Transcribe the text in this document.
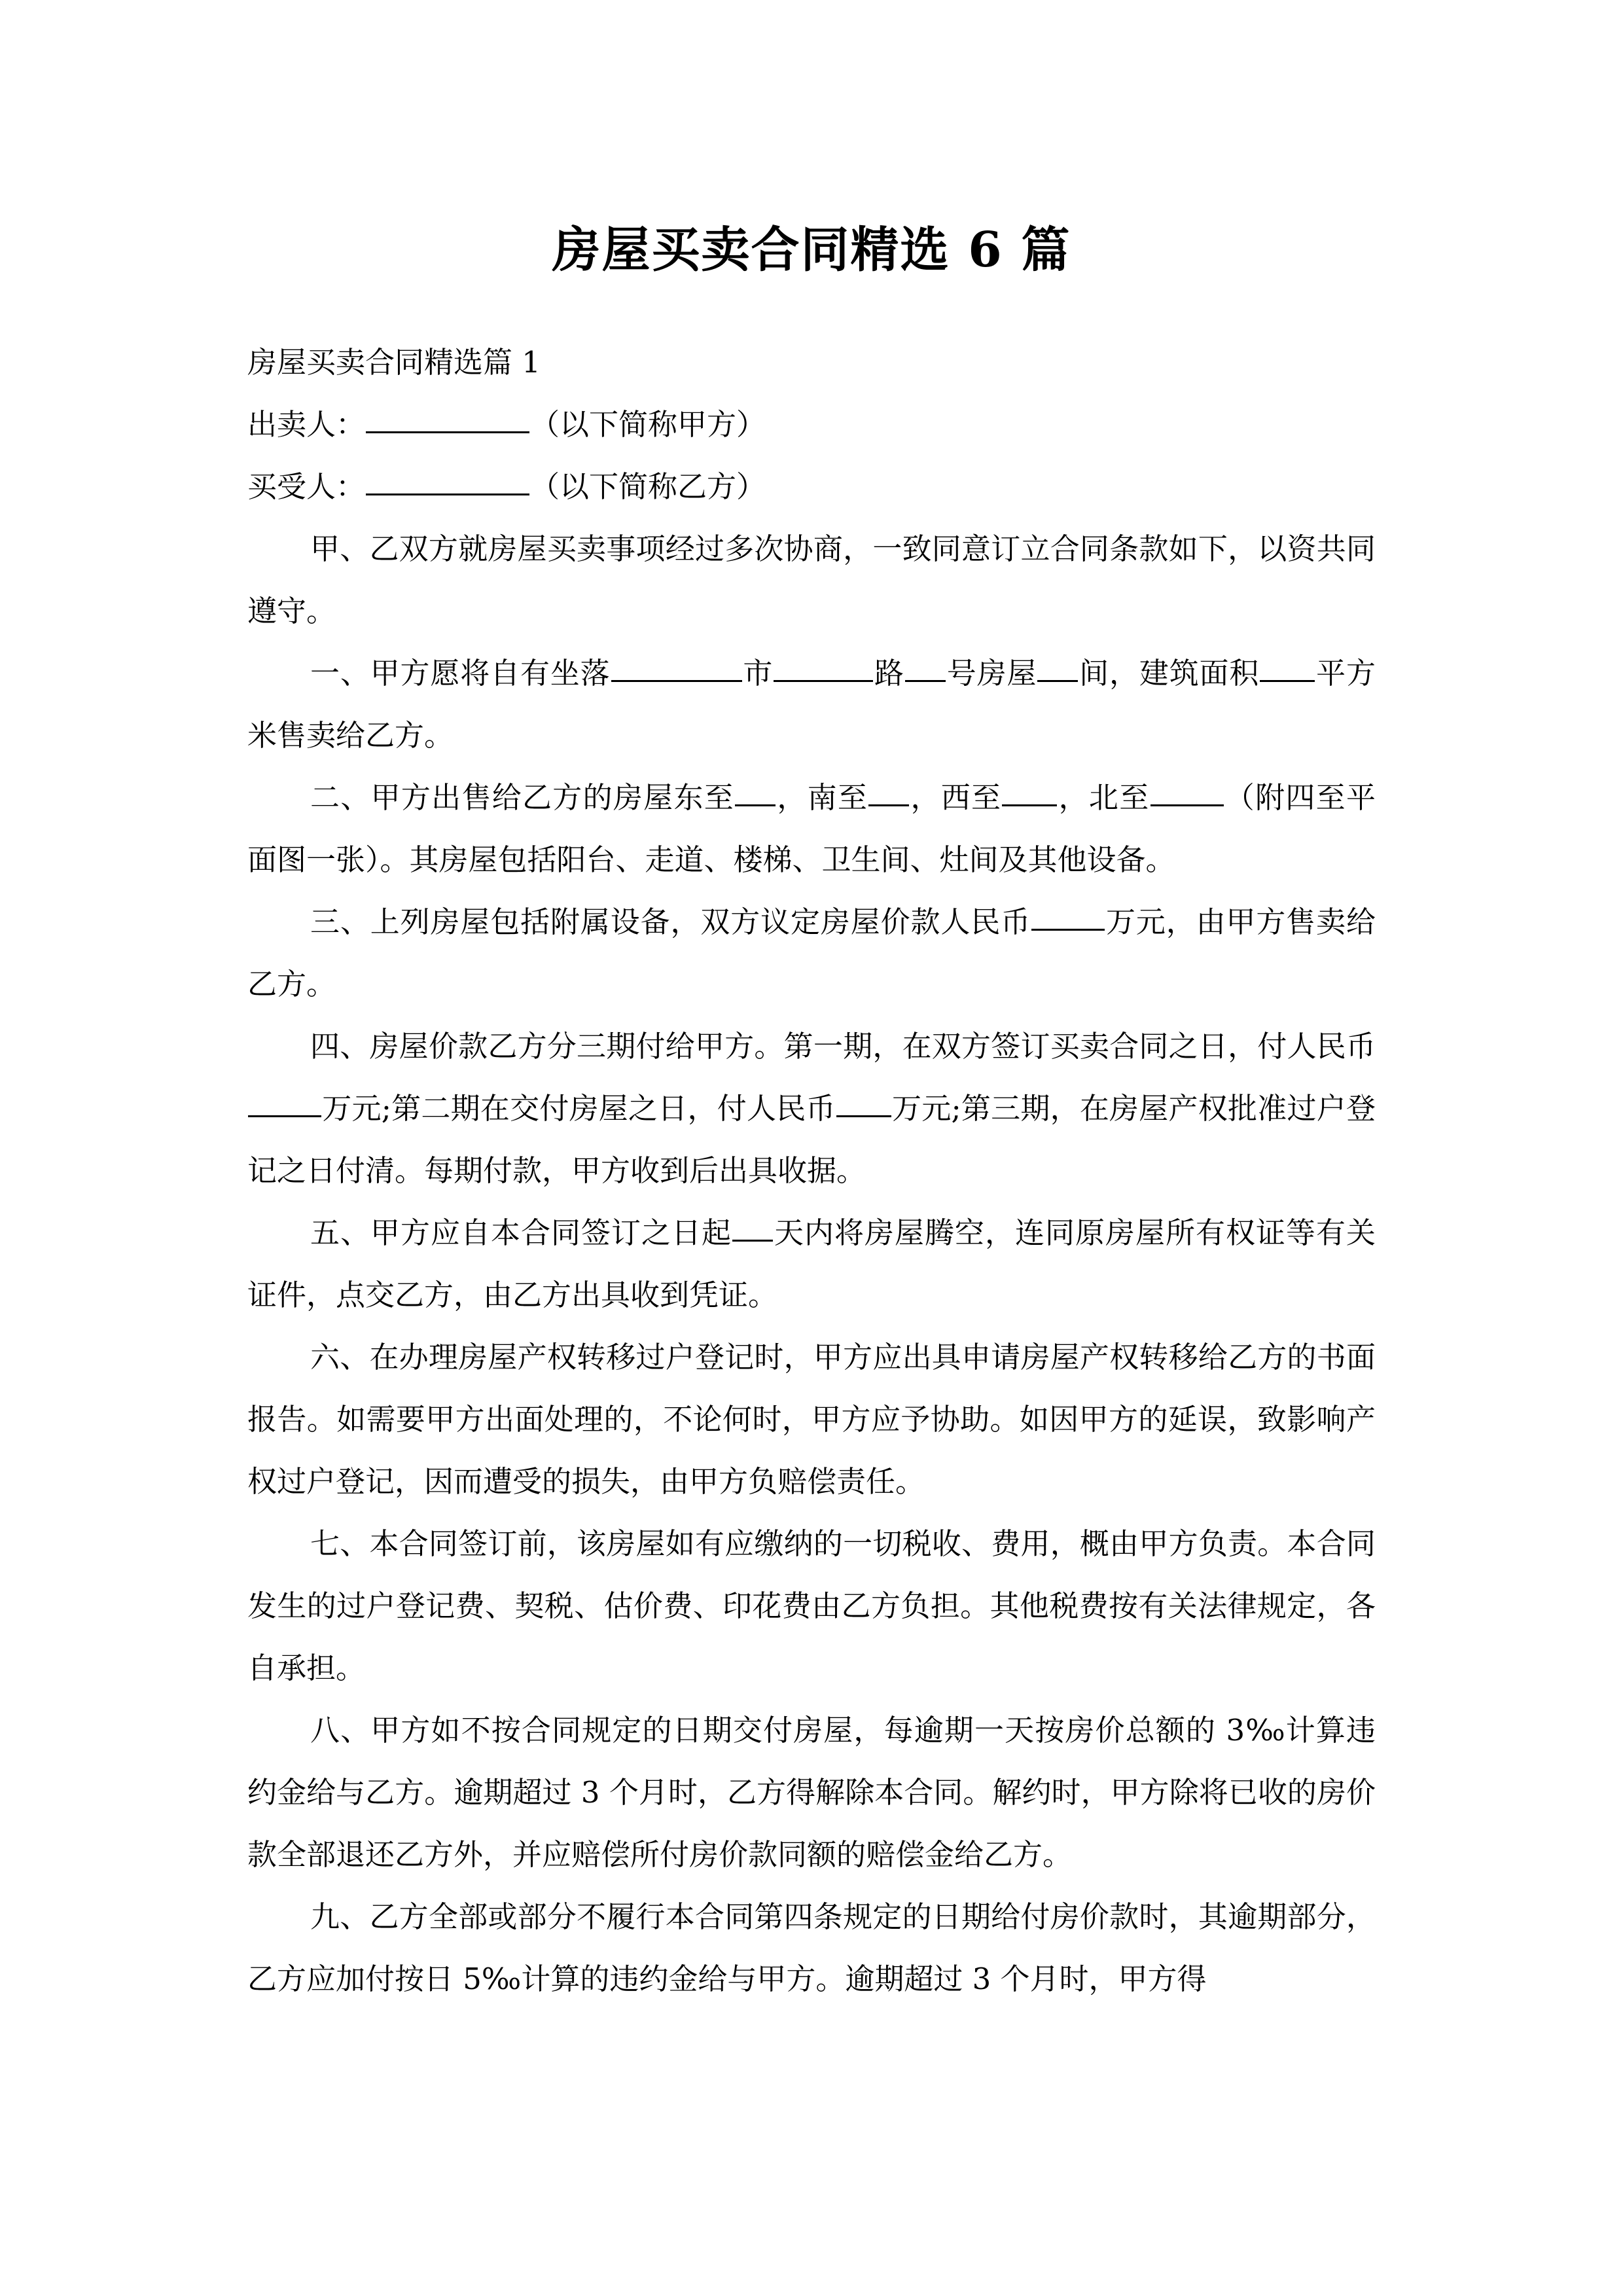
房屋买卖合同精选 6 篇

房屋买卖合同精选篇 1

出卖人：	（以下简称甲方）

买受人：	（以下简称乙方）

甲、乙双方就房屋买卖事项经过多次协商，一致同意订立合同条款如下，以资共同遵守。

一、甲方愿将自有坐落	市	路 号房屋 间，建筑面积 平方米售卖给乙方。

二、甲方出售给乙方的房屋东至 ，南至 ，西至 ，北至	（附四至平面图一张）。其房屋包括阳台、走道、楼梯、卫生间、灶间及其他设备。

三、上列房屋包括附属设备，双方议定房屋价款人民币	万元，由甲方售卖给乙方。

四、房屋价款乙方分三期付给甲方。第一期，在双方签订买卖合同之日，付人民币万元;第二期在交付房屋之日，付人民币 万元;第三期，在房屋产权批准过户登记之日付清。每期付款，甲方收到后出具收据。

五、甲方应自本合同签订之日起 天内将房屋腾空，连同原房屋所有权证等有关证件，点交乙方，由乙方出具收到凭证。

六、在办理房屋产权转移过户登记时，甲方应出具申请房屋产权转移给乙方的书面报告。如需要甲方出面处理的，不论何时，甲方应予协助。如因甲方的延误，致影响产权过户登记，因而遭受的损失，由甲方负赔偿责任。

七、本合同签订前，该房屋如有应缴纳的一切税收、费用，概由甲方负责。本合同发生的过户登记费、契税、估价费、印花费由乙方负担。其他税费按有关法律规定，各自承担。

八、甲方如不按合同规定的日期交付房屋，每逾期一天按房价总额的 3‰计算违约金给与乙方。逾期超过 3 个月时，乙方得解除本合同。解约时，甲方除将已收的房价款全部退还乙方外，并应赔偿所付房价款同额的赔偿金给乙方。

九、乙方全部或部分不履行本合同第四条规定的日期给付房价款时，其逾期部分，乙方应加付按日 5‰计算的违约金给与甲方。逾期超过 3 个月时，甲方得
